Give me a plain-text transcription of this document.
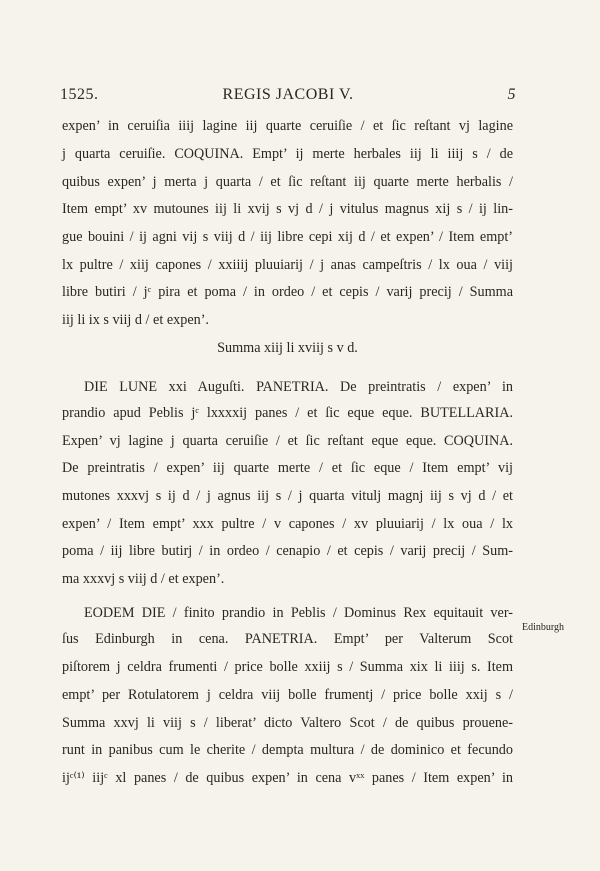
1525.	REGIS JACOBI V.	5
expen’ in ceruiſia iiij lagine iij quarte ceruiſie / et ſic reſtant vj lagine
j quarta ceruiſie. COQUINA. Empt’ ij merte herbales iij li iiij s / de
quibus expen’ j merta j quarta / et ſic reſtant iij quarte merte herbalis /
Item empt’ xv mutounes iij li xvij s vj d / j vitulus magnus xij s / ij lin-
gue bouini / ij agni vij s viij d / iij libre cepi xij d / et expen’ / Item empt’
lx pultre / xiij capones / xxiiij pluuiarij / j anas campeſtris / lx oua / viij
libre butiri / jᶜ pira et poma / in ordeo / et cepis / varij precij / Summa
iij li ix s viij d / et expen’.
Summa xiij li xviij s v d.
DIE LUNE xxi Auguſti. PANETRIA. De preintratis / expen’ in
prandio apud Peblis jᶜ lxxxxij panes / et ſic eque eque. BUTELLARIA.
Expen’ vj lagine j quarta ceruiſie / et ſic reſtant eque eque. COQUINA.
De preintratis / expen’ iij quarte merte / et ſic eque / Item empt’ vij
mutones xxxvj s ij d / j agnus iij s / j quarta vitulj magnj iij s vj d / et
expen’ / Item empt’ xxx pultre / v capones / xv pluuiarij / lx oua / lx
poma / iij libre butirj / in ordeo / cenapio / et cepis / varij precij / Sum-
ma xxxvj s viij d / et expen’.
EODEM DIE / finito prandio in Peblis / Dominus Rex equitauit ver-
ſus Edinburgh in cena. PANETRIA. Empt’ per Valterum Scot
piſtorem j celdra frumenti / price bolle xxiij s / Summa xix li iiij s. Item
empt’ per Rotulatorem j celdra viij bolle frumentj / price bolle xxij s /
Summa xxvj li viij s / liberat’ dicto Valtero Scot / de quibus prouene-
runt in panibus cum le cherite / dempta multura / de dominico et fecundo
ijᶜ⁽¹⁾ iijᶜ xl panes / de quibus expen’ in cena vˣˣ panes / Item expen’ in
Edinburgh
